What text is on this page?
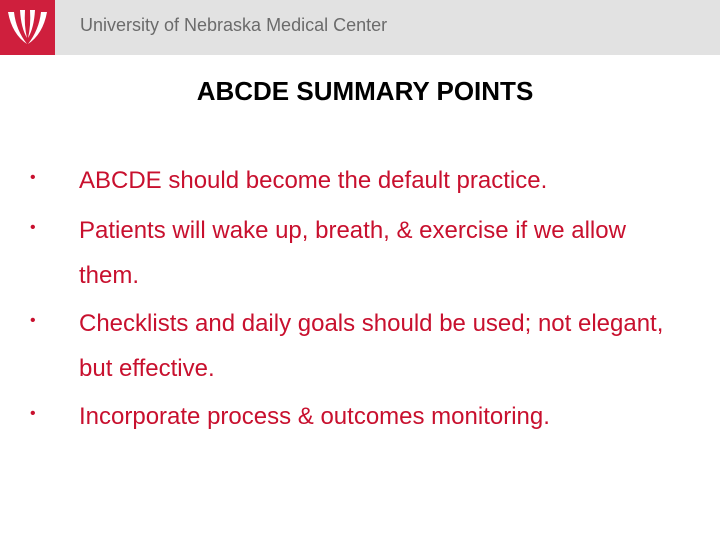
University of Nebraska Medical Center
ABCDE SUMMARY POINTS
• ABCDE should become the default practice.
• Patients will wake up, breath, & exercise if we allow them.
• Checklists and daily goals should be used; not elegant, but effective.
• Incorporate process & outcomes monitoring.
